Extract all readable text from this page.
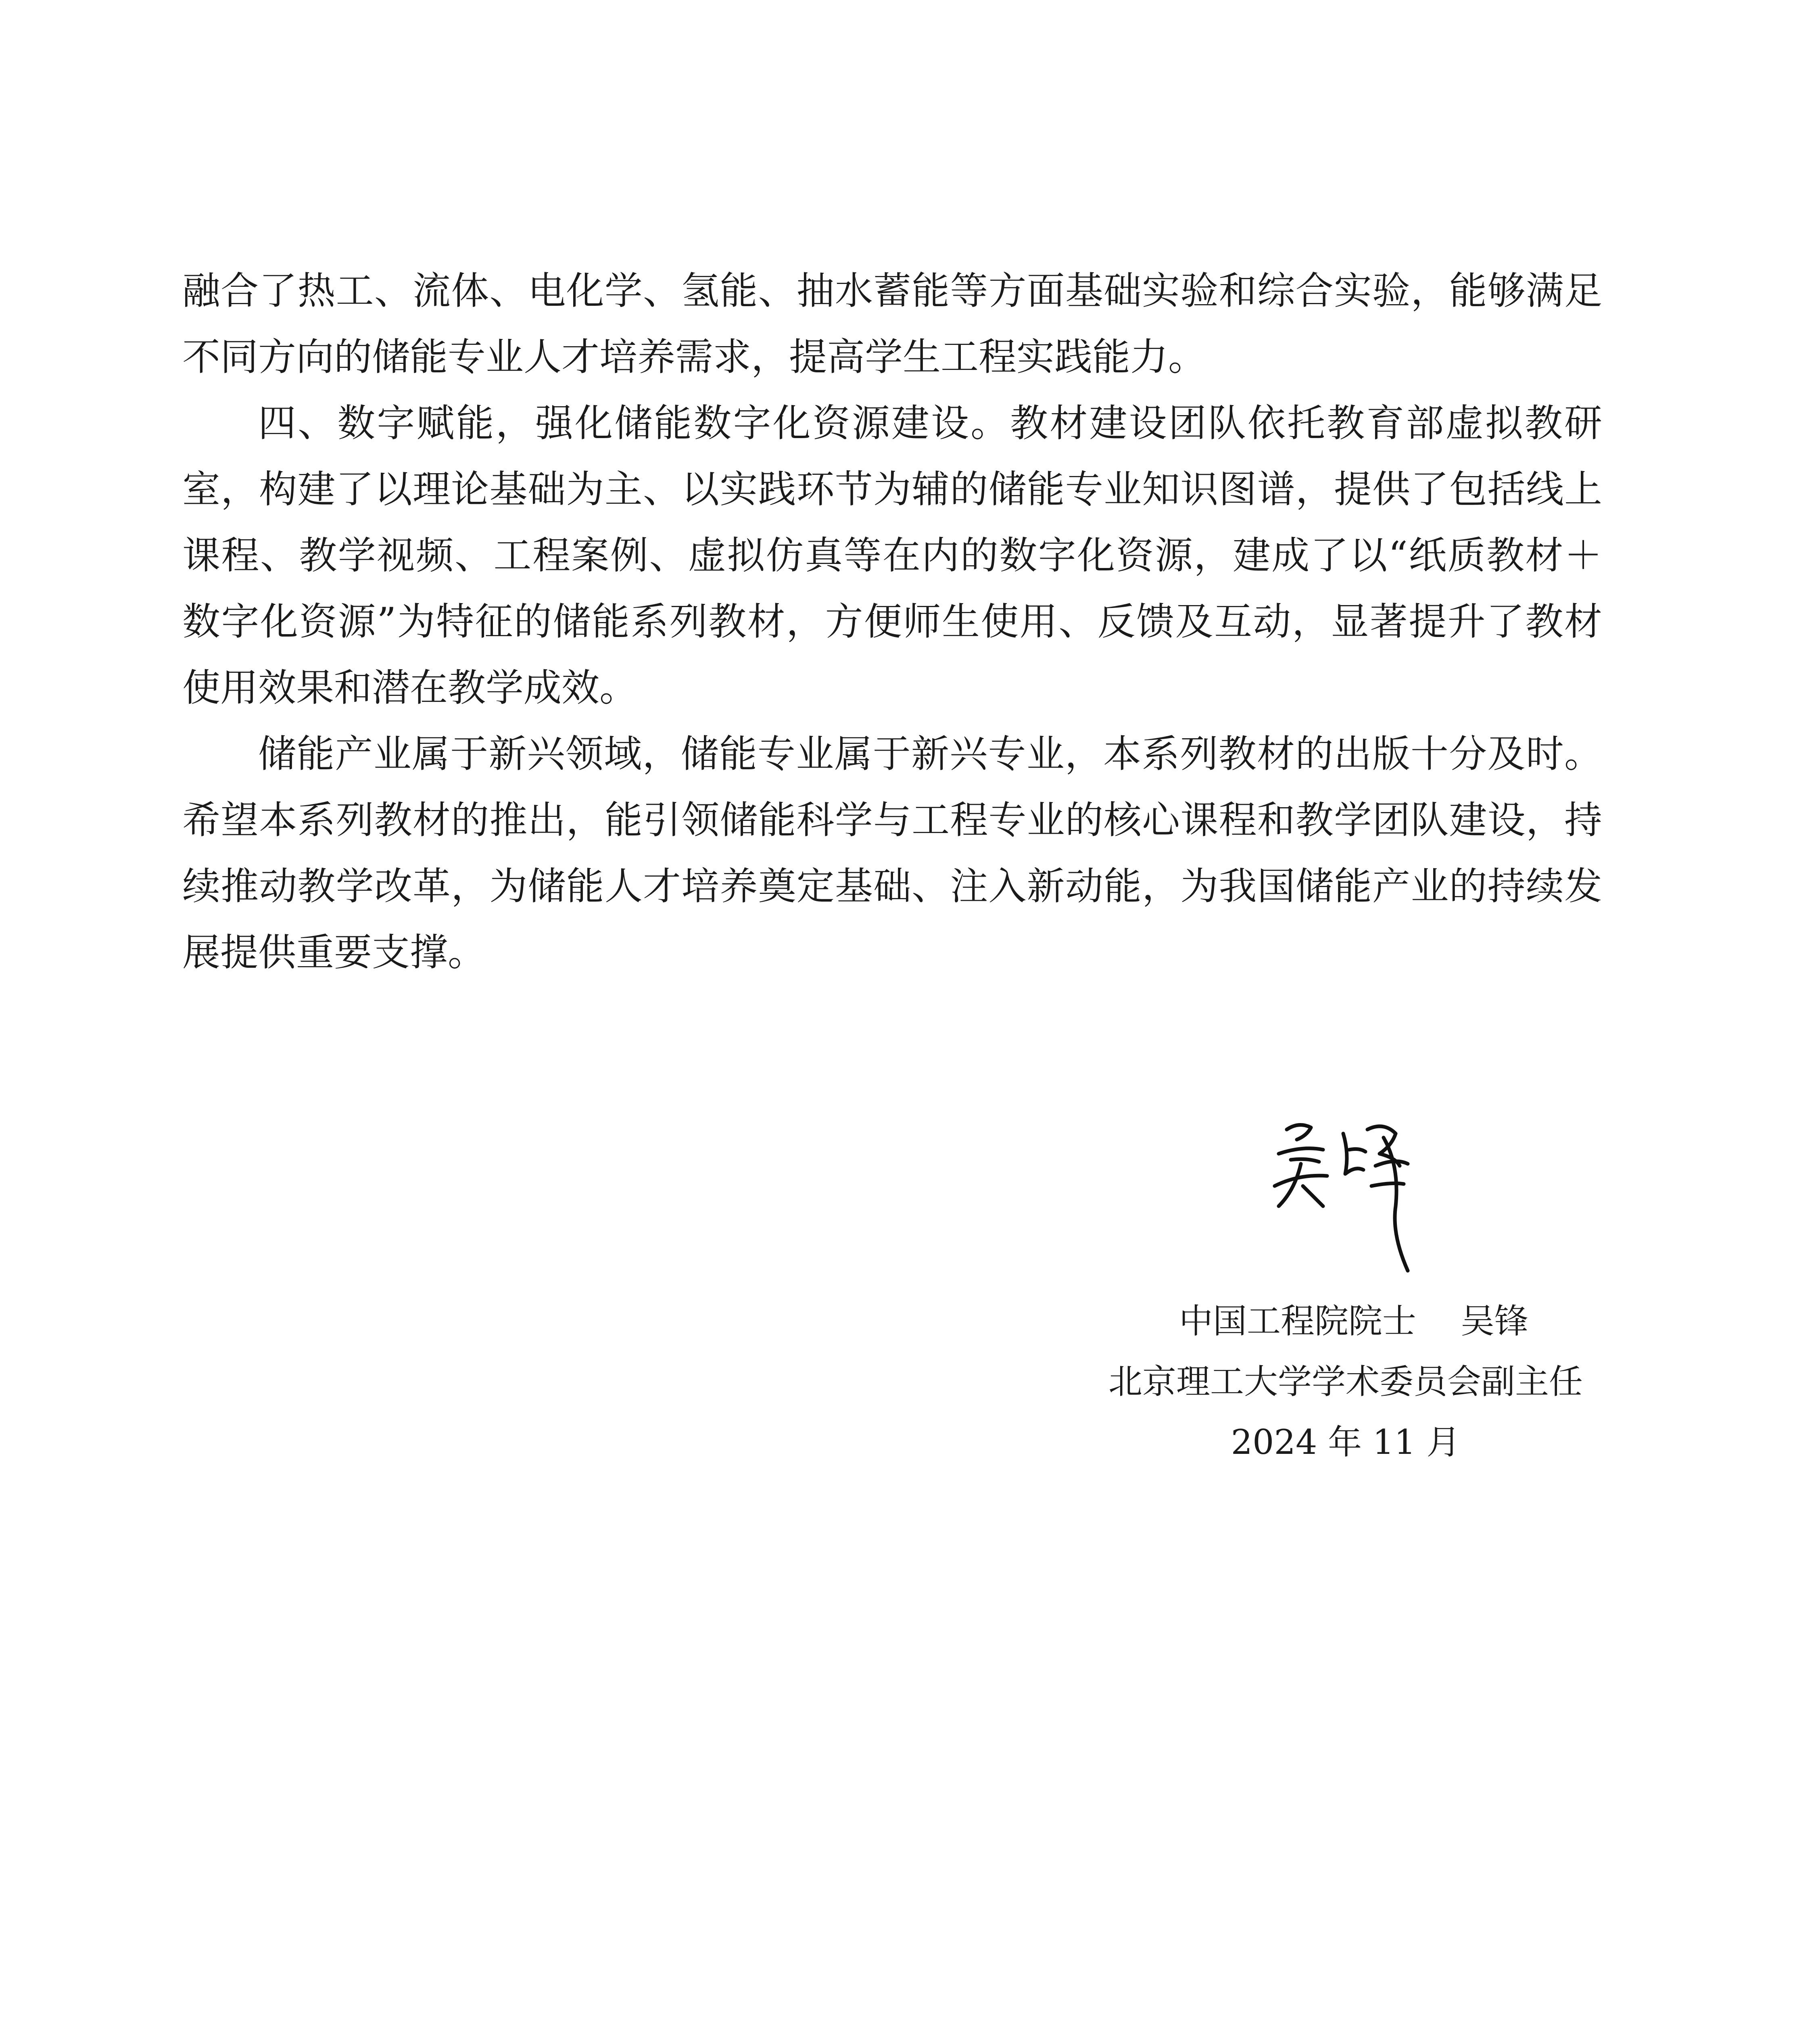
融合了热工、流体、电化学、氢能、抽水蓄能等方面基础实验和综合实验，能够满足不同方向的储能专业人才培养需求，提高学生工程实践能力。

四、数字赋能，强化储能数字化资源建设。教材建设团队依托教育部虚拟教研室，构建了以理论基础为主、以实践环节为辅的储能专业知识图谱，提供了包括线上课程、教学视频、工程案例、虚拟仿真等在内的数字化资源，建成了以“纸质教材＋数字化资源”为特征的储能系列教材，方便师生使用、反馈及互动，显著提升了教材使用效果和潜在教学成效。

储能产业属于新兴领域，储能专业属于新兴专业，本系列教材的出版十分及时。希望本系列教材的推出，能引领储能科学与工程专业的核心课程和教学团队建设，持续推动教学改革，为储能人才培养奠定基础、注入新动能，为我国储能产业的持续发展提供重要支撑。

中国工程院院士 吴锋
北京理工大学学术委员会副主任
2024 年 11 月
